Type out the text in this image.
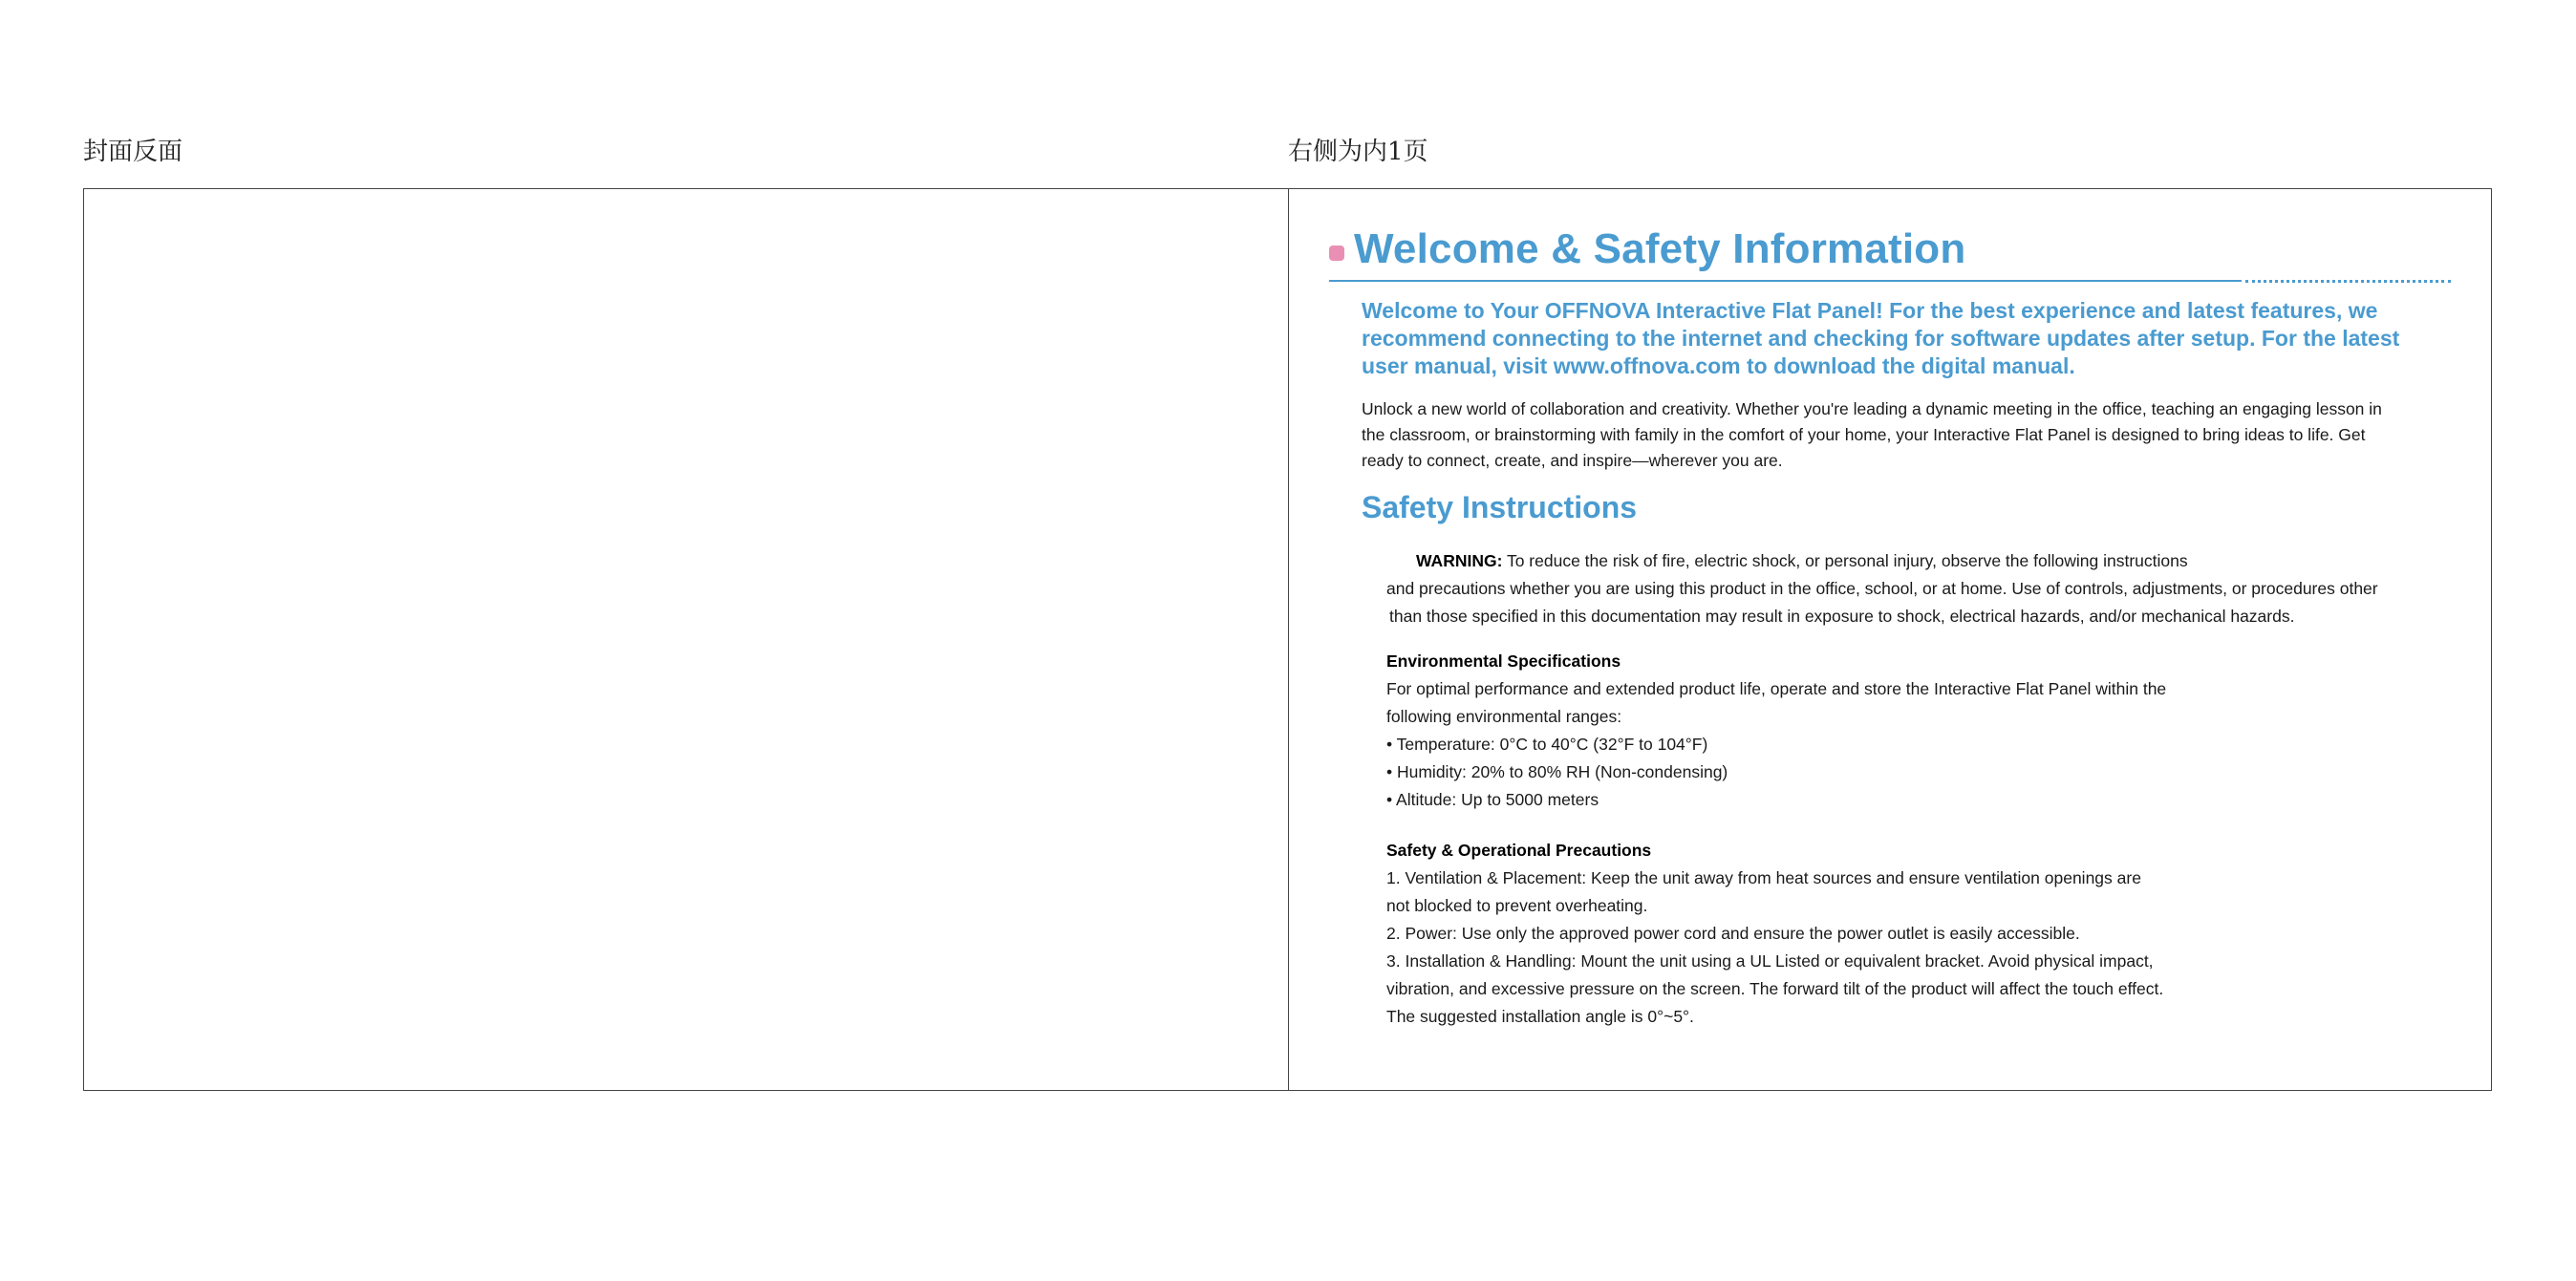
封面反面	右侧为内1页
Welcome & Safety Information

Welcome to Your OFFNOVA Interactive Flat Panel! For the best experience and latest features, we

recommend connecting to the internet and checking for software updates after setup. For the latest

user manual, visit www.offnova.com to download the digital manual.

Unlock a new world of collaboration and creativity. Whether you're leading a dynamic meeting in the office, teaching an engaging lesson in

the classroom, or brainstorming with family in the comfort of your home, your Interactive Flat Panel is designed to bring ideas to life. Get

ready to connect, create, and inspire—wherever you are.

Safety Instructions

WARNING: To reduce the risk of fire, electric shock, or personal injury, observe the following instructions

and precautions whether you are using this product in the office, school, or at home. Use of controls, adjustments, or procedures other

than those specified in this documentation may result in exposure to shock, electrical hazards, and/or mechanical hazards.

Environmental Specifications

For optimal performance and extended product life, operate and store the Interactive Flat Panel within the

following environmental ranges:

• Temperature: 0°C to 40°C (32°F to 104°F)

• Humidity: 20% to 80% RH (Non-condensing)

• Altitude: Up to 5000 meters

Safety & Operational Precautions

1. Ventilation & Placement: Keep the unit away from heat sources and ensure ventilation openings are

not blocked to prevent overheating.

2. Power: Use only the approved power cord and ensure the power outlet is easily accessible.

3. Installation & Handling: Mount the unit using a UL Listed or equivalent bracket. Avoid physical impact,

vibration, and excessive pressure on the screen. The forward tilt of the product will affect the touch effect.

The suggested installation angle is 0°~5°.
